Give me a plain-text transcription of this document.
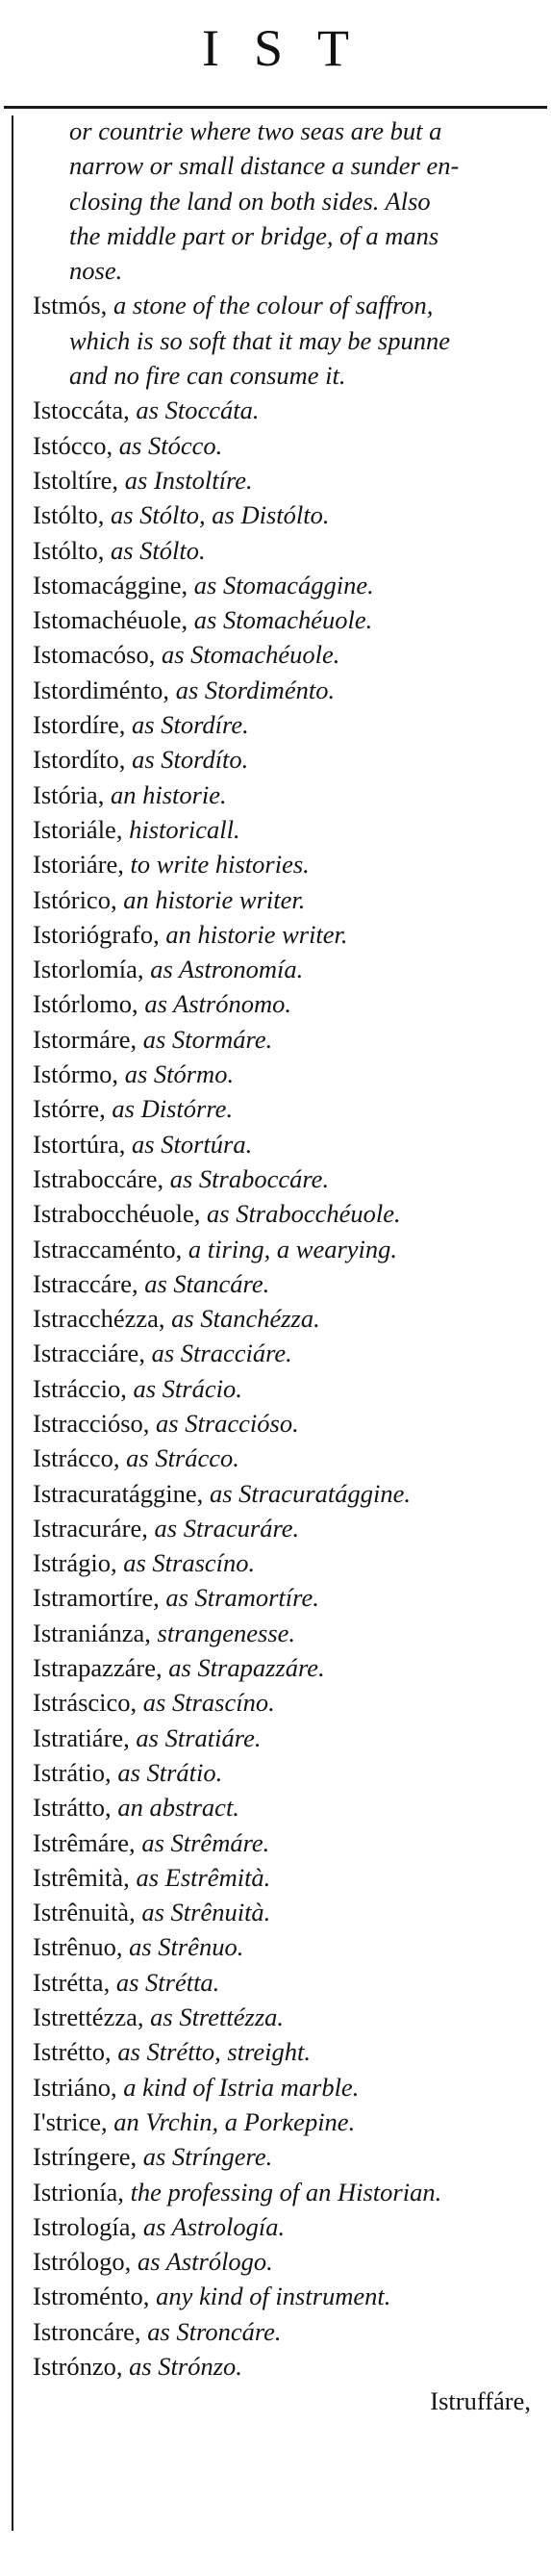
IST
or countrie where two seas are but a
narrow or small distance a sunder en-
closing the land on both sides. Also
the middle part or bridge, of a mans
nose.
Istmós, a stone of the colour of saffron,
which is so soft that it may be spunne
and no fire can consume it.
Istoccáta, as Stoccáta.
Istócco, as Stócco.
Istoltíre, as Instoltíre.
Istólto, as Stólto, as Distólto.
Istólto, as Stólto.
Istomacággine, as Stomacággine.
Istomachéuole, as Stomachéuole.
Istomacóso, as Stomachéuole.
Istordiménto, as Stordiménto.
Istordíre, as Stordíre.
Istordíto, as Stordíto.
Istória, an historie.
Istoriále, historicall.
Istoriáre, to write histories.
Istórico, an historie writer.
Istoriógrafo, an historie writer.
Istorlomía, as Astronomía.
Istórlomo, as Astrónomo.
Istormáre, as Stormáre.
Istórmo, as Stórmo.
Istórre, as Distórre.
Istortúra, as Stortúra.
Istraboccáre, as Straboccáre.
Istrabocchéuole, as Strabocchéuole.
Istraccaménto, a tiring, a wearying.
Istraccáre, as Stancáre.
Istracchézza, as Stanchézza.
Istracciáre, as Stracciáre.
Istráccio, as Strácio.
Istraccióso, as Straccióso.
Istrácco, as Strácco.
Istracuratággine, as Stracuratággine.
Istracuráre, as Stracuráre.
Istrágio, as Strascíno.
Istramortíre, as Stramortíre.
Istraniánza, strangenesse.
Istrapazzáre, as Strapazzáre.
Istráscico, as Strascíno.
Istratiáre, as Stratiáre.
Istrátio, as Strátio.
Istrátto, an abstract.
Istrêmáre, as Strêmáre.
Istrêmità, as Estrêmità.
Istrênuità, as Strênuità.
Istrênuo, as Strênuo.
Istrétta, as Strétta.
Istrettézza, as Strettézza.
Istrétto, as Strétto, streight.
Istriáno, a kind of Istria marble.
I'strice, an Vrchin, a Porkepine.
Istríngere, as Stríngere.
Istrionía, the professing of an Historian.
Istrología, as Astrología.
Istrólogo, as Astrólogo.
Istroménto, any kind of instrument.
Istroncáre, as Stroncáre.
Istrónzo, as Strónzo.
Istruffáre,
